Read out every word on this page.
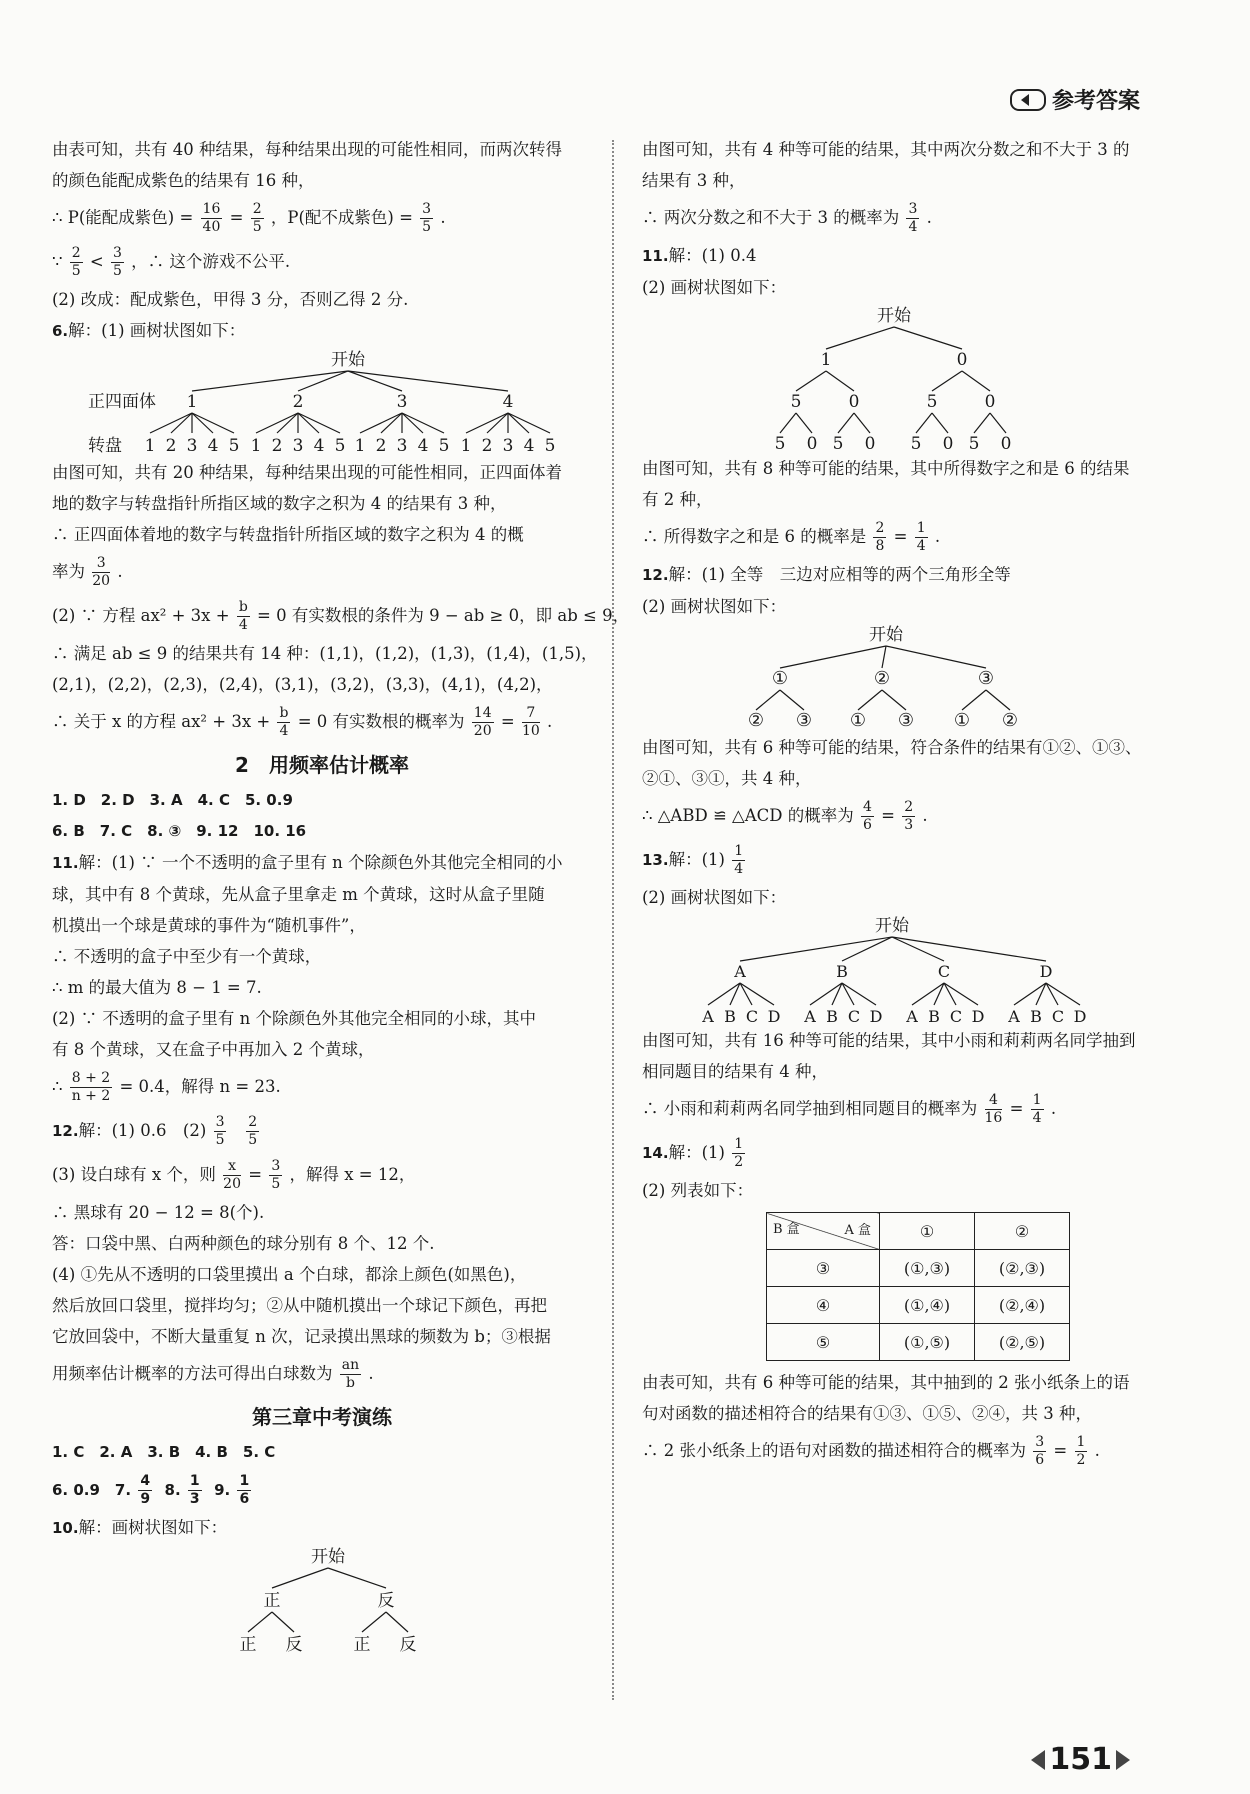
参考答案
由表可知，共有 40 种结果，每种结果出现的可能性相同，而两次转得
的颜色能配成紫色的结果有 16 种，
∴ P(能配成紫色) = $\frac{16}{40} = \frac{2}{5}$ ，P(配不成紫色) = $\frac{3}{5}$ .
∵ $\frac{2}{5} < \frac{3}{5}$ ，∴ 这个游戏不公平.
(2) 改成：配成紫色，甲得 3 分，否则乙得 2 分.
6.解：(1) 画树状图如下：
开始
正四面体 1	2	3	4
转盘 1 2 3 4 5 1 2 3 4 5 1 2 3 4 5 1 2 3 4 5
由图可知，共有 20 种结果，每种结果出现的可能性相同，正四面体着
地的数字与转盘指针所指区域的数字之积为 4 的结果有 3 种，
∴ 正四面体着地的数字与转盘指针所指区域的数字之积为 4 的概
率为 $\frac{3}{20}$ .
(2) ∵ 方程 $ax^2 + 3x + \frac{b}{4} = 0$ 有实数根的条件为 9 − ab ≥ 0，即 ab ≤ 9，
∴ 满足 ab ≤ 9 的结果共有 14 种：(1,1)，(1,2)，(1,3)，(1,4)，(1,5)，
(2,1)，(2,2)，(2,3)，(2,4)，(3,1)，(3,2)，(3,3)，(4,1)，(4,2)，
∴ 关于 x 的方程 $ax^2 + 3x + \frac{b}{4} = 0$ 有实数根的概率为 $\frac{14}{20} = \frac{7}{10}$ .
2　用频率估计概率
1. D　2. D　3. A　4. C　5. 0.9
6. B　7. C　8. ③　9. 12　10. 16
11.解：(1) ∵ 一个不透明的盒子里有 n 个除颜色外其他完全相同的小
球，其中有 8 个黄球，先从盒子里拿走 m 个黄球，这时从盒子里随
机摸出一个球是黄球的事件为“随机事件”，
∴ 不透明的盒子中至少有一个黄球，
∴ m 的最大值为 8 − 1 = 7.
(2) ∵ 不透明的盒子里有 n 个除颜色外其他完全相同的小球，其中
有 8 个黄球，又在盒子中再加入 2 个黄球，
∴ $\frac{8 + 2}{n + 2} = 0.4$，解得 n = 23.
12.解：(1) 0.6　$(2) \frac{3}{5}$
$\frac{2}{5}$
(3) 设白球有 x 个，则 $\frac{x}{20} = \frac{3}{5}$ ，解得 x = 12，
∴ 黑球有 20 − 12 = 8(个).
答：口袋中黑、白两种颜色的球分别有 8 个、12 个.
(4) ①先从不透明的口袋里摸出 a 个白球，都涂上颜色(如黑色)，
然后放回口袋里，搅拌均匀；②从中随机摸出一个球记下颜色，再把
它放回袋中，不断大量重复 n 次，记录摸出黑球的频数为 b；③根据
用频率估计概率的方法可得出白球数为 $\frac{an}{b}$ .
第三章中考演练
1. C　2. A　3. B　4. B　5. C
6. 0.9　7. $\frac{4}{9} 8$. $\frac{1}{3} 9$. $\frac{1}{6}$
10.解：画树状图如下：
开始
正	反
正 反	正 反
由图可知，共有 4 种等可能的结果，其中两次分数之和不大于 3 的
结果有 3 种，
∴ 两次分数之和不大于 3 的概率为 $\frac{3}{4}$ .
11.解：(1) 0.4
(2) 画树状图如下：
开始
1	0
5	0	5	0
5 0 5 0 5 0 5 0
由图可知，共有 8 种等可能的结果，其中所得数字之和是 6 的结果
有 2 种，
∴ 所得数字之和是 6 的概率是 $\frac{2}{8} = \frac{1}{4}$ .
12.解：(1) 全等　三边对应相等的两个三角形全等
(2) 画树状图如下：
开始
①	②	③
② ③ ① ③ ① ②
由图可知，共有 6 种等可能的结果，符合条件的结果有①②、①③、
②①、③①，共 4 种，
∴ △ABD ≌ △ACD 的概率为 $\frac{4}{6} = \frac{2}{3}$ .
13.解：$(1) \frac{1}{4}$
(2) 画树状图如下：
开始
A	B	C	D
A B C D A B C D A B C D A B C D
由图可知，共有 16 种等可能的结果，其中小雨和莉莉两名同学抽到
相同题目的结果有 4 种，
∴ 小雨和莉莉两名同学抽到相同题目的概率为 $\frac{4}{16} = \frac{1}{4}$ .
14.解：$(1) \frac{1}{2}$
(2) 列表如下：
A 盒
B 盒	①	②
③	(①,③)	(②,③)
④	(①,④)	(②,④)
⑤	(①,⑤)	(②,⑤)
由表可知，共有 6 种等可能的结果，其中抽到的 2 张小纸条上的语
句对函数的描述相符合的结果有①③、①⑤、②④，共 3 种，
∴ 2 张小纸条上的语句对函数的描述相符合的概率为 $\frac{3}{6} = \frac{1}{2}$ .
151
